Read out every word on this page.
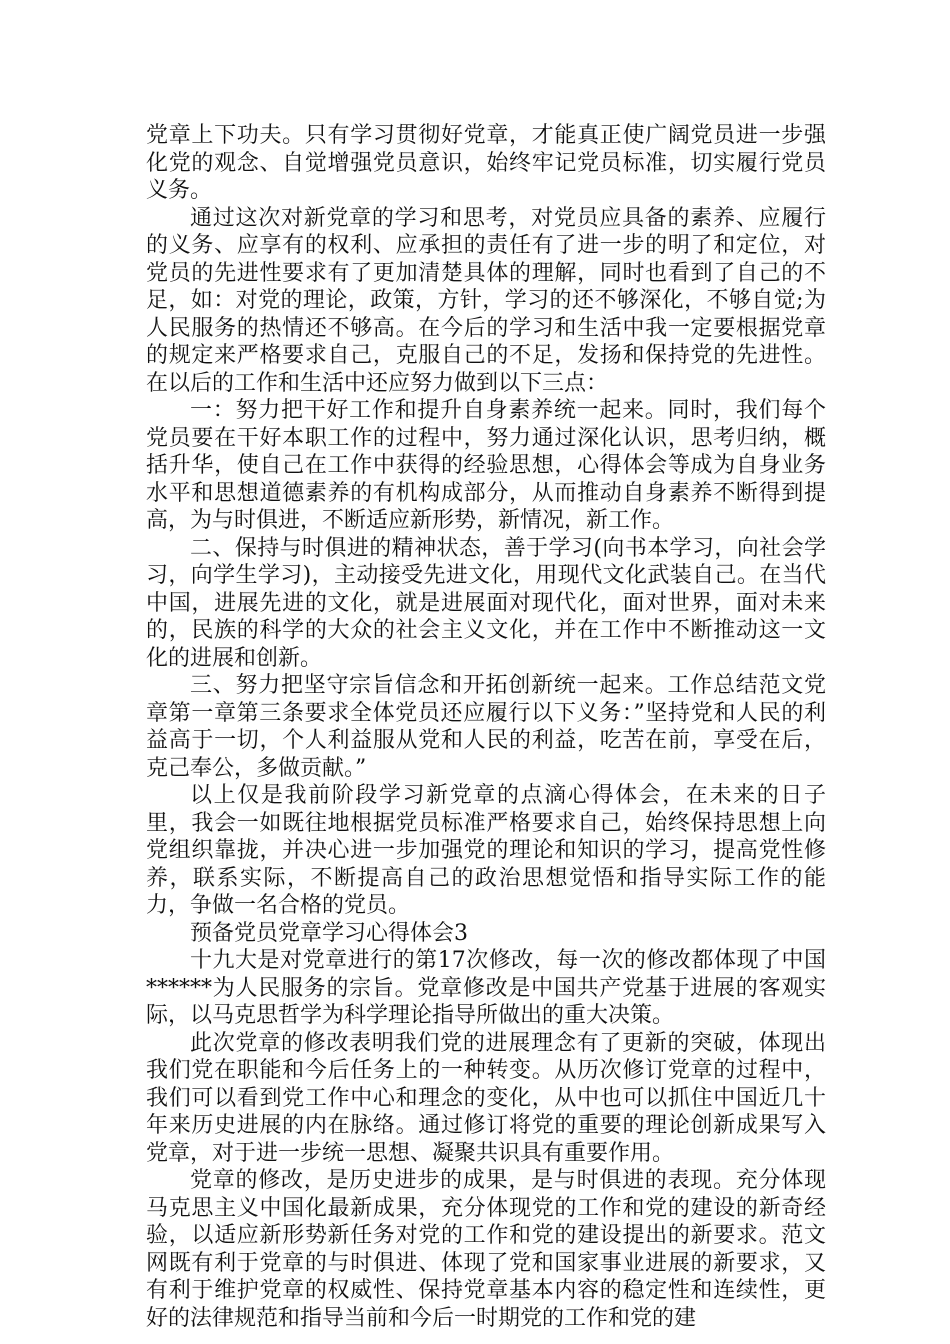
党章上下功夫。只有学习贯彻好党章，才能真正使广阔党员进一步强化党的观念、自觉增强党员意识，始终牢记党员标准，切实履行党员义务。

通过这次对新党章的学习和思考，对党员应具备的素养、应履行的义务、应享有的权利、应承担的责任有了进一步的明了和定位，对党员的先进性要求有了更加清楚具体的理解，同时也看到了自己的不足，如：对党的理论，政策，方针，学习的还不够深化，不够自觉;为人民服务的热情还不够高。在今后的学习和生活中我一定要根据党章的规定来严格要求自己，克服自己的不足，发扬和保持党的先进性。在以后的工作和生活中还应努力做到以下三点：

一：努力把干好工作和提升自身素养统一起来。同时，我们每个党员要在干好本职工作的过程中，努力通过深化认识，思考归纳，概括升华，使自己在工作中获得的经验思想，心得体会等成为自身业务水平和思想道德素养的有机构成部分，从而推动自身素养不断得到提高，为与时俱进，不断适应新形势，新情况，新工作。

二、保持与时俱进的精神状态，善于学习(向书本学习，向社会学习，向学生学习)，主动接受先进文化，用现代文化武装自己。在当代中国，进展先进的文化，就是进展面对现代化，面对世界，面对未来的，民族的科学的大众的社会主义文化，并在工作中不断推动这一文化的进展和创新。

三、努力把坚守宗旨信念和开拓创新统一起来。工作总结范文党章第一章第三条要求全体党员还应履行以下义务：”坚持党和人民的利益高于一切，个人利益服从党和人民的利益，吃苦在前，享受在后，克己奉公，多做贡献。”

以上仅是我前阶段学习新党章的点滴心得体会，在未来的日子里，我会一如既往地根据党员标准严格要求自己，始终保持思想上向党组织靠拢，并决心进一步加强党的理论和知识的学习，提高党性修养，联系实际，不断提高自己的政治思想觉悟和指导实际工作的能力，争做一名合格的党员。

预备党员党章学习心得体会3

十九大是对党章进行的第17次修改，每一次的修改都体现了中国******为人民服务的宗旨。党章修改是中国共产党基于进展的客观实际，以马克思哲学为科学理论指导所做出的重大决策。

此次党章的修改表明我们党的进展理念有了更新的突破，体现出我们党在职能和今后任务上的一种转变。从历次修订党章的过程中，我们可以看到党工作中心和理念的变化，从中也可以抓住中国近几十年来历史进展的内在脉络。通过修订将党的重要的理论创新成果写入党章，对于进一步统一思想、凝聚共识具有重要作用。

党章的修改，是历史进步的成果，是与时俱进的表现。充分体现马克思主义中国化最新成果，充分体现党的工作和党的建设的新奇经验，以适应新形势新任务对党的工作和党的建设提出的新要求。范文网既有利于党章的与时俱进、体现了党和国家事业进展的新要求，又有利于维护党章的权威性、保持党章基本内容的稳定性和连续性，更好的法律规范和指导当前和今后一时期党的工作和党的建
